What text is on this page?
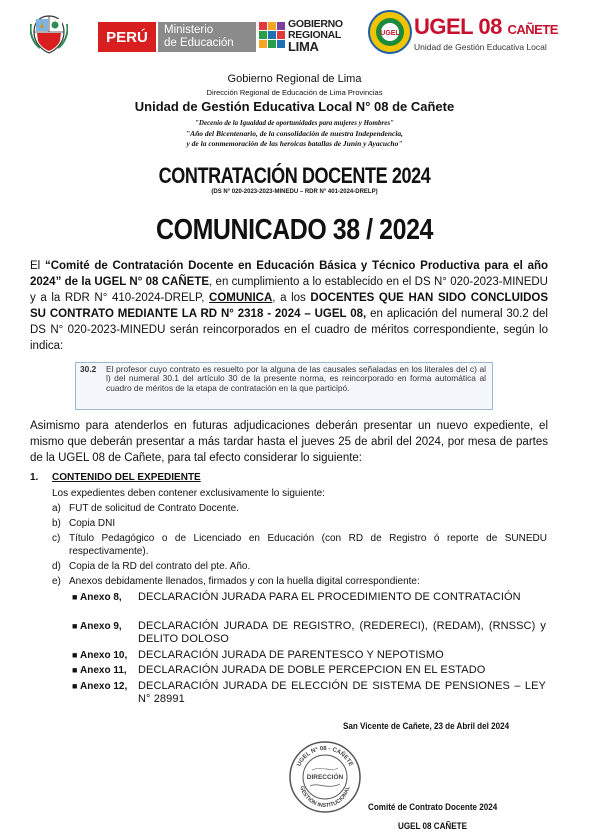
PERÚ Ministerio
de Educación
GOBIERNO
REGIONAL
LIMA
UGEL UGEL 08 CAÑETE
Unidad de Gestión Educativa Local
Gobierno Regional de Lima
Dirección Regional de Educación de Lima Provincias
Unidad de Gestión Educativa Local N° 08 de Cañete
"Decenio de la Igualdad de oportunidades para mujeres y Hombres"
"Año del Bicentenario, de la consolidación de nuestra Independencia,
y de la conmemoración de las heroicas batallas de Junín y Ayacucho"
CONTRATACIÓN DOCENTE 2024
(DS N° 020-2023-2023-MINEDU – RDR N° 401-2024-DRELP)
COMUNICADO 38 / 2024
El “Comité de Contratación Docente en Educación Básica y Técnico Productiva para el año 2024” de la UGEL N° 08 CAÑETE, en cumplimiento a lo establecido en el DS N° 020-2023-MINEDU y a la RDR N° 410-2024-DRELP, COMUNICA, a los DOCENTES QUE HAN SIDO CONCLUIDOS SU CONTRATO MEDIANTE LA RD N° 2318 - 2024 – UGEL 08, en aplicación del numeral 30.2 del DS N° 020-2023-MINEDU serán reincorporados en el cuadro de méritos correspondiente, según lo indica:
30.2 El profesor cuyo contrato es resuelto por la alguna de las causales señaladas en los literales del c) al l) del numeral 30.1 del artículo 30 de la presente norma, es reincorporado en forma automática al cuadro de méritos de la etapa de contratación en la que participó.
Asimismo para atenderlos en futuras adjudicaciones deberán presentar un nuevo expediente, el mismo que deberán presentar a más tardar hasta el jueves 25 de abril del 2024, por mesa de partes de la UGEL 08 de Cañete, para tal efecto considerar lo siguiente:
1. CONTENIDO DEL EXPEDIENTE
Los expedientes deben contener exclusivamente lo siguiente:
a) FUT de solicitud de Contrato Docente.
b) Copia DNI
c) Título Pedagógico o de Licenciado en Educación (con RD de Registro ó reporte de SUNEDU respectivamente).
d) Copia de la RD del contrato del pte. Año.
e) Anexos debidamente llenados, firmados y con la huella digital correspondiente:
■ Anexo 8, DECLARACIÓN JURADA PARA EL PROCEDIMIENTO DE CONTRATACIÓN
■ Anexo 9, DECLARACIÓN JURADA DE REGISTRO, (REDERECI), (REDAM), (RNSSC) y DELITO DOLOSO
■ Anexo 10, DECLARACIÓN JURADA DE PARENTESCO Y NEPOTISMO
■ Anexo 11, DECLARACIÓN JURADA DE DOBLE PERCEPCION EN EL ESTADO
■ Anexo 12, DECLARACIÓN JURADA DE ELECCIÓN DE SISTEMA DE PENSIONES – LEY N° 28991
San Vicente de Cañete, 23 de Abril del 2024
UGEL N° 08 - CAÑETE
GESTIÓN INSTITUCIONAL
DIRECCIÓN
Comité de Contrato Docente 2024
UGEL 08 CAÑETE
